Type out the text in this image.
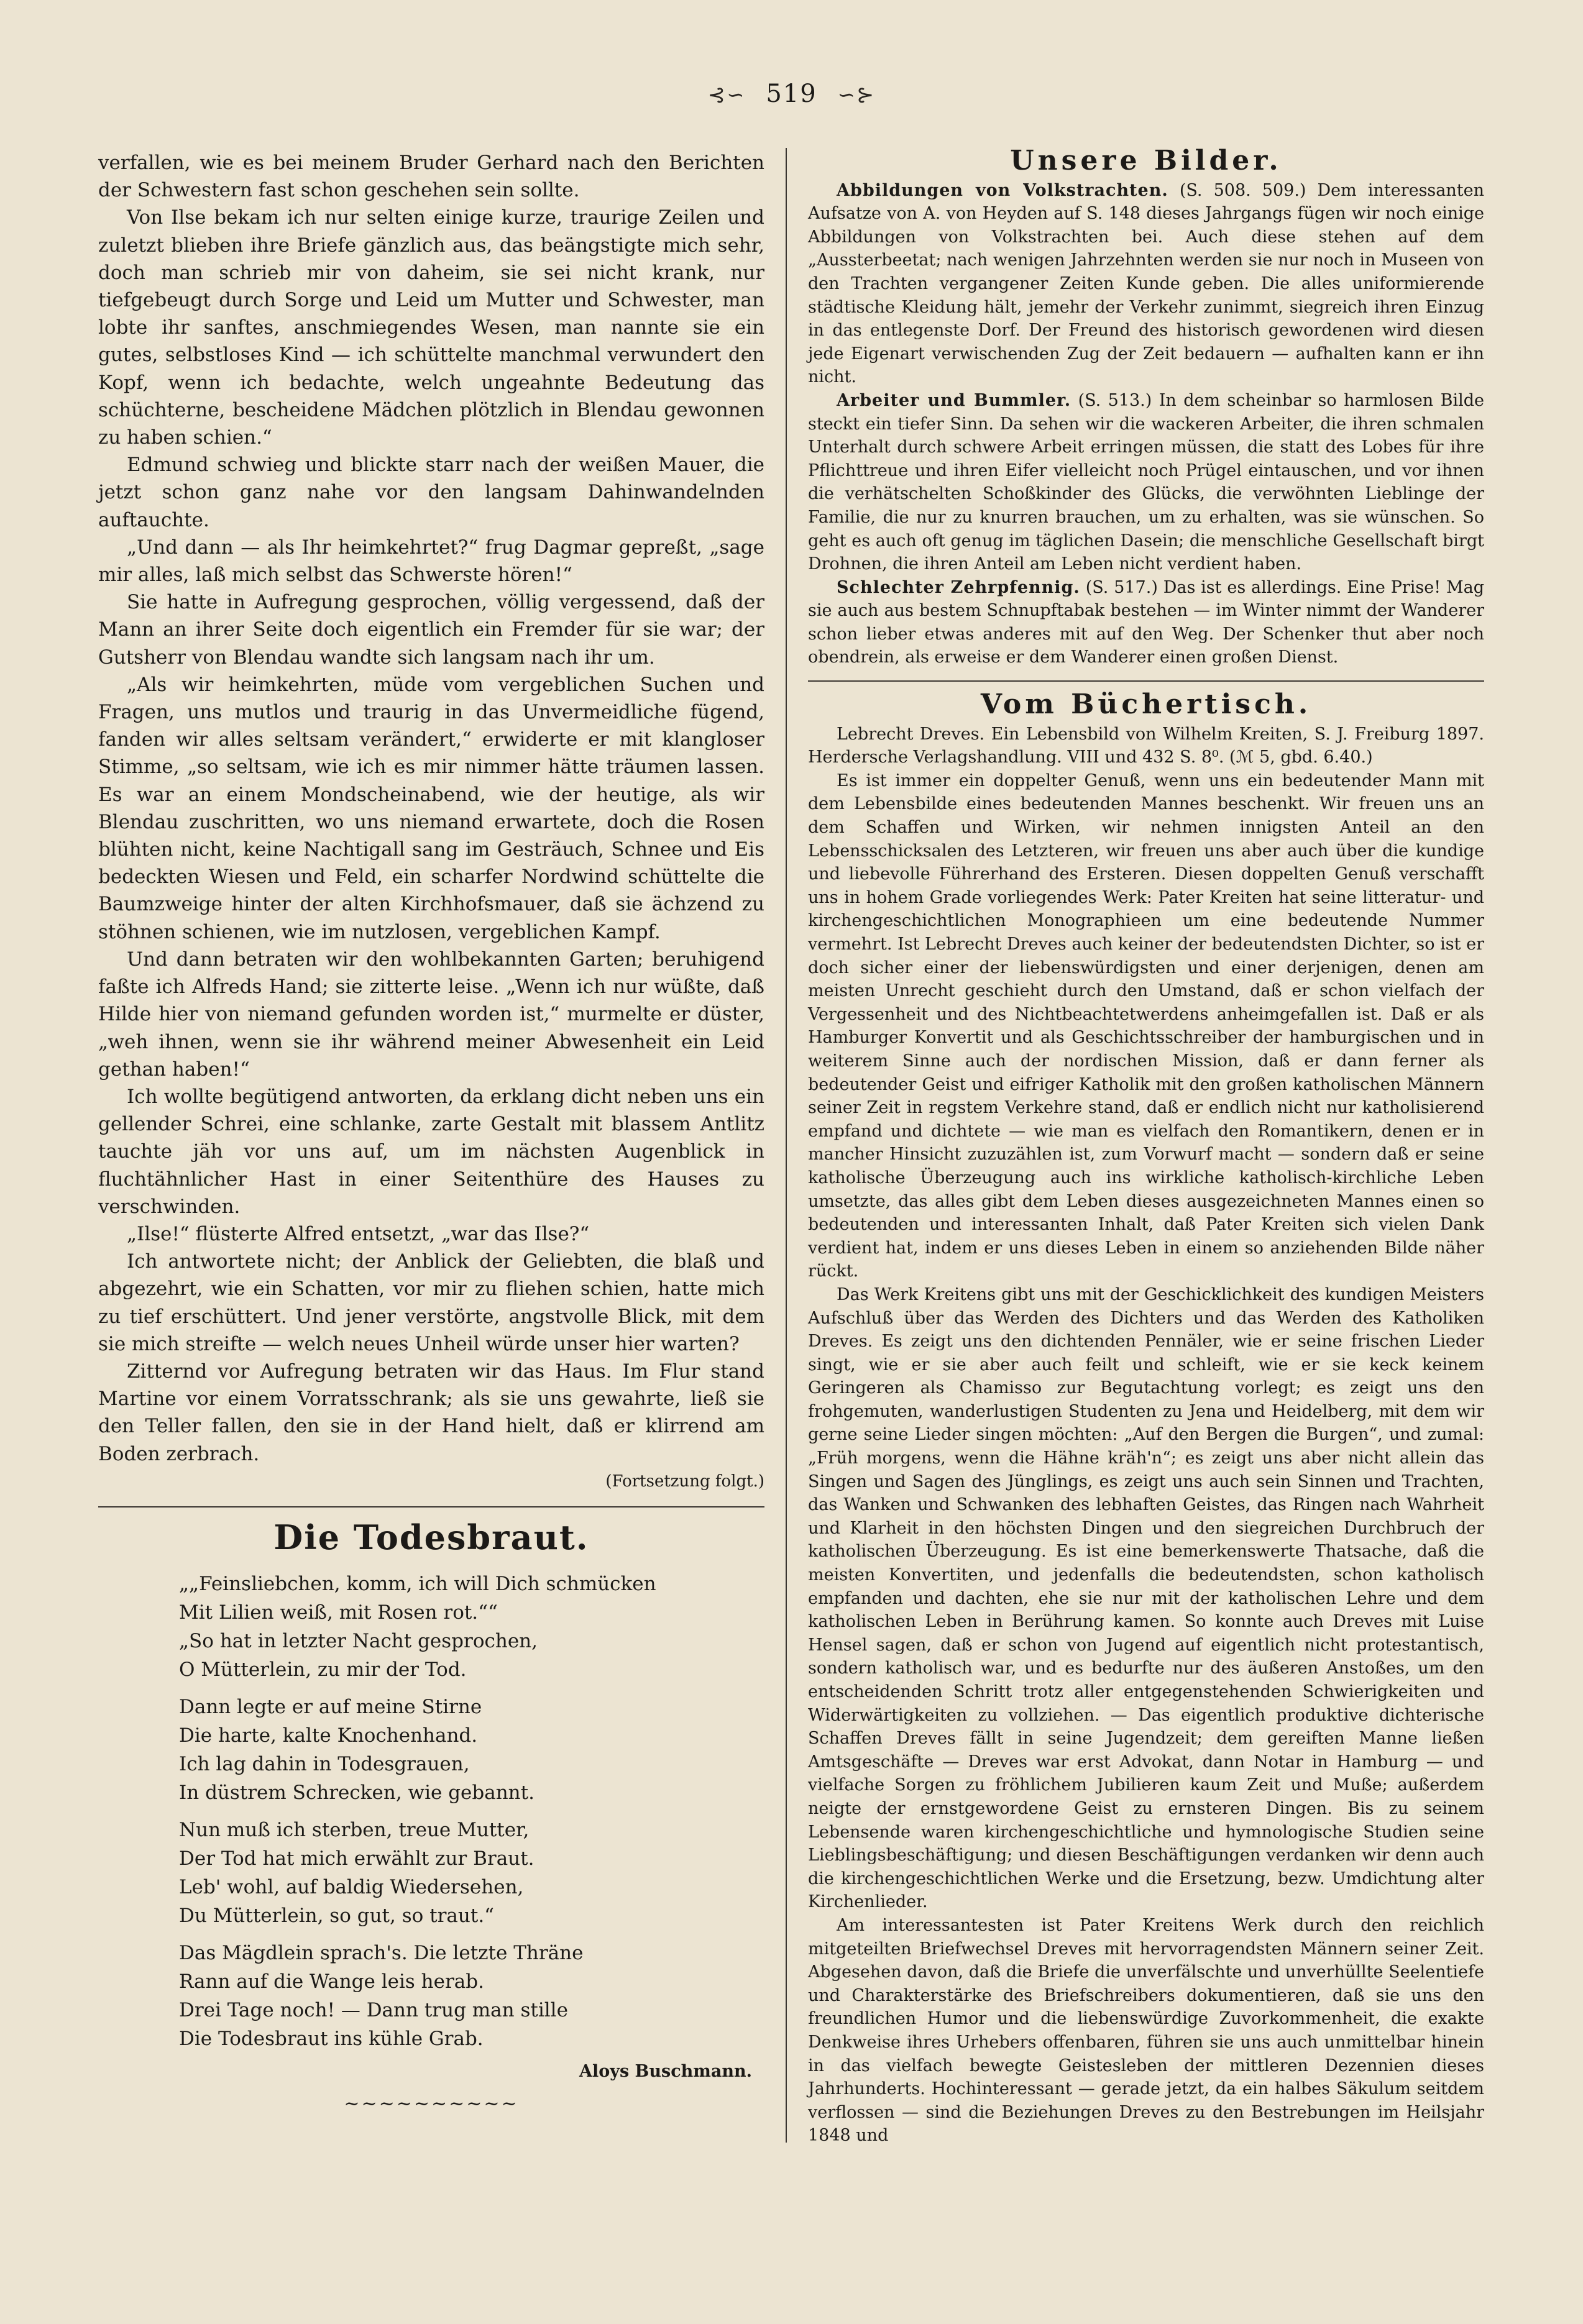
⊰∽ 519 ∽⊱

verfallen, wie es bei meinem Bruder Gerhard nach den Berichten der Schwestern fast schon geschehen sein sollte.

Von Ilse bekam ich nur selten einige kurze, traurige Zeilen und zuletzt blieben ihre Briefe gänzlich aus, das beängstigte mich sehr, doch man schrieb mir von daheim, sie sei nicht krank, nur tiefgebeugt durch Sorge und Leid um Mutter und Schwester, man lobte ihr sanftes, anschmiegendes Wesen, man nannte sie ein gutes, selbstloses Kind — ich schüttelte manchmal verwundert den Kopf, wenn ich bedachte, welch ungeahnte Bedeutung das schüchterne, bescheidene Mädchen plötzlich in Blendau gewonnen zu haben schien.“

Edmund schwieg und blickte starr nach der weißen Mauer, die jetzt schon ganz nahe vor den langsam Dahinwandelnden auftauchte.

„Und dann — als Ihr heimkehrtet?“ frug Dagmar gepreßt, „sage mir alles, laß mich selbst das Schwerste hören!“

Sie hatte in Aufregung gesprochen, völlig vergessend, daß der Mann an ihrer Seite doch eigentlich ein Fremder für sie war; der Gutsherr von Blendau wandte sich langsam nach ihr um.

„Als wir heimkehrten, müde vom vergeblichen Suchen und Fragen, uns mutlos und traurig in das Unvermeidliche fügend, fanden wir alles seltsam verändert,“ erwiderte er mit klangloser Stimme, „so seltsam, wie ich es mir nimmer hätte träumen lassen. Es war an einem Mondscheinabend, wie der heutige, als wir Blendau zuschritten, wo uns niemand erwartete, doch die Rosen blühten nicht, keine Nachtigall sang im Gesträuch, Schnee und Eis bedeckten Wiesen und Feld, ein scharfer Nordwind schüttelte die Baumzweige hinter der alten Kirchhofsmauer, daß sie ächzend zu stöhnen schienen, wie im nutzlosen, vergeblichen Kampf.

Und dann betraten wir den wohlbekannten Garten; beruhigend faßte ich Alfreds Hand; sie zitterte leise. „Wenn ich nur wüßte, daß Hilde hier von niemand gefunden worden ist,“ murmelte er düster, „weh ihnen, wenn sie ihr während meiner Abwesenheit ein Leid gethan haben!“

Ich wollte begütigend antworten, da erklang dicht neben uns ein gellender Schrei, eine schlanke, zarte Gestalt mit blassem Antlitz tauchte jäh vor uns auf, um im nächsten Augenblick in fluchtähnlicher Hast in einer Seitenthüre des Hauses zu verschwinden.

„Ilse!“ flüsterte Alfred entsetzt, „war das Ilse?“

Ich antwortete nicht; der Anblick der Geliebten, die blaß und abgezehrt, wie ein Schatten, vor mir zu fliehen schien, hatte mich zu tief erschüttert. Und jener verstörte, angstvolle Blick, mit dem sie mich streifte — welch neues Unheil würde unser hier warten?

Zitternd vor Aufregung betraten wir das Haus. Im Flur stand Martine vor einem Vorratsschrank; als sie uns gewahrte, ließ sie den Teller fallen, den sie in der Hand hielt, daß er klirrend am Boden zerbrach.

(Fortsetzung folgt.)

Die Todesbraut.
„„Feinsliebchen, komm, ich will Dich schmücken
Mit Lilien weiß, mit Rosen rot.““
„So hat in letzter Nacht gesprochen,
O Mütterlein, zu mir der Tod.
Dann legte er auf meine Stirne
Die harte, kalte Knochenhand.
Ich lag dahin in Todesgrauen,
In düstrem Schrecken, wie gebannt.
Nun muß ich sterben, treue Mutter,
Der Tod hat mich erwählt zur Braut.
Leb' wohl, auf baldig Wiedersehen,
Du Mütterlein, so gut, so traut.“
Das Mägdlein sprach's. Die letzte Thräne
Rann auf die Wange leis herab.
Drei Tage noch! — Dann trug man stille
Die Todesbraut ins kühle Grab.
Aloys Buschmann.
~~~~~~~~~~
Unsere Bilder.

Abbildungen von Volkstrachten. (S. 508. 509.) Dem interessanten Aufsatze von A. von Heyden auf S. 148 dieses Jahrgangs fügen wir noch einige Abbildungen von Volkstrachten bei. Auch diese stehen auf dem „Aussterbeetat; nach wenigen Jahrzehnten werden sie nur noch in Museen von den Trachten vergangener Zeiten Kunde geben. Die alles uniformierende städtische Kleidung hält, jemehr der Verkehr zunimmt, siegreich ihren Einzug in das entlegenste Dorf. Der Freund des historisch gewordenen wird diesen jede Eigenart verwischenden Zug der Zeit bedauern — aufhalten kann er ihn nicht.

Arbeiter und Bummler. (S. 513.) In dem scheinbar so harmlosen Bilde steckt ein tiefer Sinn. Da sehen wir die wackeren Arbeiter, die ihren schmalen Unterhalt durch schwere Arbeit erringen müssen, die statt des Lobes für ihre Pflichttreue und ihren Eifer vielleicht noch Prügel eintauschen, und vor ihnen die verhätschelten Schoßkinder des Glücks, die verwöhnten Lieblinge der Familie, die nur zu knurren brauchen, um zu erhalten, was sie wünschen. So geht es auch oft genug im täglichen Dasein; die menschliche Gesellschaft birgt Drohnen, die ihren Anteil am Leben nicht verdient haben.

Schlechter Zehrpfennig. (S. 517.) Das ist es allerdings. Eine Prise! Mag sie auch aus bestem Schnupftabak bestehen — im Winter nimmt der Wanderer schon lieber etwas anderes mit auf den Weg. Der Schenker thut aber noch obendrein, als erweise er dem Wanderer einen großen Dienst.

Vom Büchertisch.

Lebrecht Dreves. Ein Lebensbild von Wilhelm Kreiten, S. J. Freiburg 1897. Herdersche Verlagshandlung. VIII und 432 S. 8⁰. (ℳ 5, gbd. 6.40.)

Es ist immer ein doppelter Genuß, wenn uns ein bedeutender Mann mit dem Lebensbilde eines bedeutenden Mannes beschenkt. Wir freuen uns an dem Schaffen und Wirken, wir nehmen innigsten Anteil an den Lebensschicksalen des Letzteren, wir freuen uns aber auch über die kundige und liebevolle Führerhand des Ersteren. Diesen doppelten Genuß verschafft uns in hohem Grade vorliegendes Werk: Pater Kreiten hat seine litteratur- und kirchengeschichtlichen Monographieen um eine bedeutende Nummer vermehrt. Ist Lebrecht Dreves auch keiner der bedeutendsten Dichter, so ist er doch sicher einer der liebenswürdigsten und einer derjenigen, denen am meisten Unrecht geschieht durch den Umstand, daß er schon vielfach der Vergessenheit und des Nichtbeachtetwerdens anheimgefallen ist. Daß er als Hamburger Konvertit und als Geschichtsschreiber der hamburgischen und in weiterem Sinne auch der nordischen Mission, daß er dann ferner als bedeutender Geist und eifriger Katholik mit den großen katholischen Männern seiner Zeit in regstem Verkehre stand, daß er endlich nicht nur katholisierend empfand und dichtete — wie man es vielfach den Romantikern, denen er in mancher Hinsicht zuzuzählen ist, zum Vorwurf macht — sondern daß er seine katholische Überzeugung auch ins wirkliche katholisch-kirchliche Leben umsetzte, das alles gibt dem Leben dieses ausgezeichneten Mannes einen so bedeutenden und interessanten Inhalt, daß Pater Kreiten sich vielen Dank verdient hat, indem er uns dieses Leben in einem so anziehenden Bilde näher rückt.

Das Werk Kreitens gibt uns mit der Geschicklichkeit des kundigen Meisters Aufschluß über das Werden des Dichters und das Werden des Katholiken Dreves. Es zeigt uns den dichtenden Pennäler, wie er seine frischen Lieder singt, wie er sie aber auch feilt und schleift, wie er sie keck keinem Geringeren als Chamisso zur Begutachtung vorlegt; es zeigt uns den frohgemuten, wanderlustigen Studenten zu Jena und Heidelberg, mit dem wir gerne seine Lieder singen möchten: „Auf den Bergen die Burgen“, und zumal: „Früh morgens, wenn die Hähne kräh'n“; es zeigt uns aber nicht allein das Singen und Sagen des Jünglings, es zeigt uns auch sein Sinnen und Trachten, das Wanken und Schwanken des lebhaften Geistes, das Ringen nach Wahrheit und Klarheit in den höchsten Dingen und den siegreichen Durchbruch der katholischen Überzeugung. Es ist eine bemerkenswerte Thatsache, daß die meisten Konvertiten, und jedenfalls die bedeutendsten, schon katholisch empfanden und dachten, ehe sie nur mit der katholischen Lehre und dem katholischen Leben in Berührung kamen. So konnte auch Dreves mit Luise Hensel sagen, daß er schon von Jugend auf eigentlich nicht protestantisch, sondern katholisch war, und es bedurfte nur des äußeren Anstoßes, um den entscheidenden Schritt trotz aller entgegenstehenden Schwierigkeiten und Widerwärtigkeiten zu vollziehen. — Das eigentlich produktive dichterische Schaffen Dreves fällt in seine Jugendzeit; dem gereiften Manne ließen Amtsgeschäfte — Dreves war erst Advokat, dann Notar in Hamburg — und vielfache Sorgen zu fröhlichem Jubilieren kaum Zeit und Muße; außerdem neigte der ernstgewordene Geist zu ernsteren Dingen. Bis zu seinem Lebensende waren kirchengeschichtliche und hymnologische Studien seine Lieblingsbeschäftigung; und diesen Beschäftigungen verdanken wir denn auch die kirchengeschichtlichen Werke und die Ersetzung, bezw. Umdichtung alter Kirchenlieder.

Am interessantesten ist Pater Kreitens Werk durch den reichlich mitgeteilten Briefwechsel Dreves mit hervorragendsten Männern seiner Zeit. Abgesehen davon, daß die Briefe die unverfälschte und unverhüllte Seelentiefe und Charakterstärke des Briefschreibers dokumentieren, daß sie uns den freundlichen Humor und die liebenswürdige Zuvorkommenheit, die exakte Denkweise ihres Urhebers offenbaren, führen sie uns auch unmittelbar hinein in das vielfach bewegte Geistesleben der mittleren Dezennien dieses Jahrhunderts. Hochinteressant — gerade jetzt, da ein halbes Säkulum seitdem verflossen — sind die Beziehungen Dreves zu den Bestrebungen im Heilsjahr 1848 und
